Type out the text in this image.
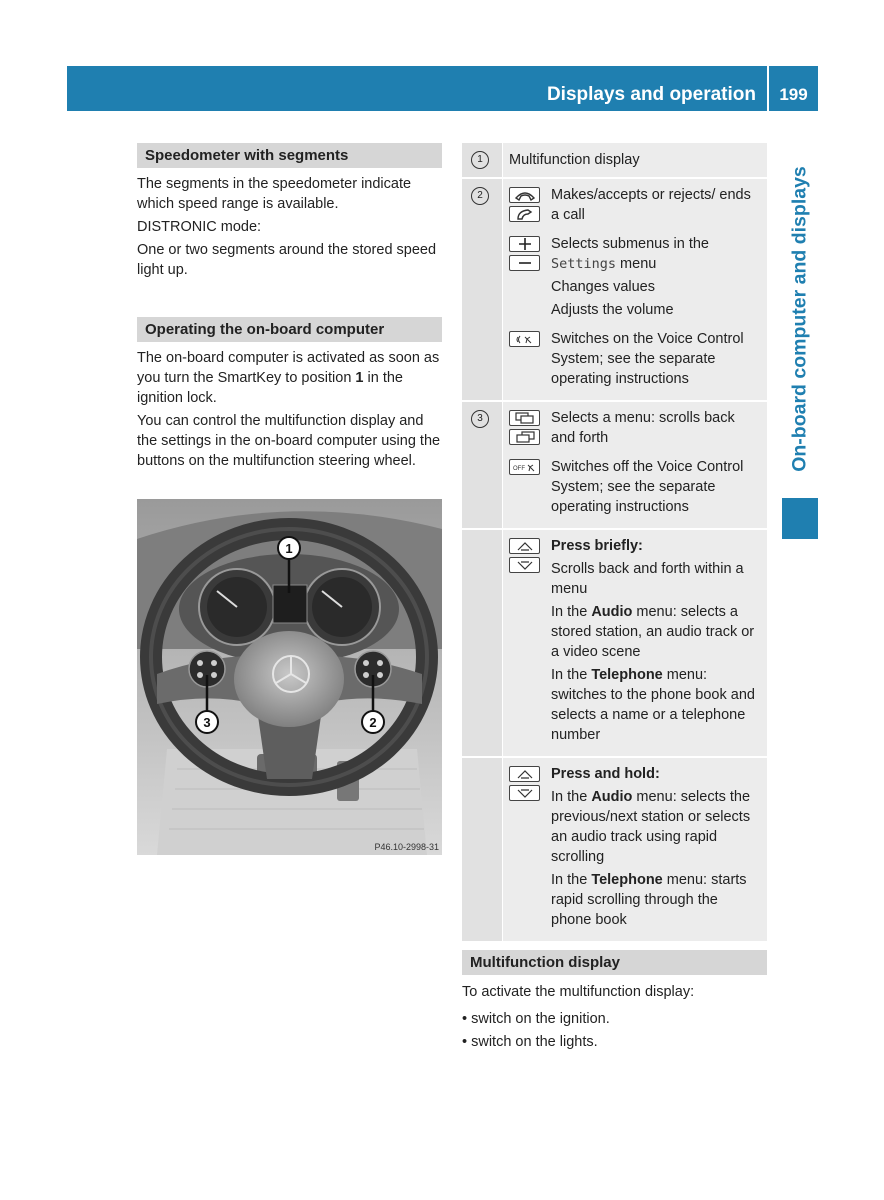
Displays and operation	199
On-board computer and displays
Speedometer with segments

The segments in the speedometer indicate which speed range is available.

DISTRONIC mode:

One or two segments around the stored speed light up.

Operating the on-board computer

The on-board computer is activated as soon as you turn the SmartKey to position 1 in the ignition lock.

You can control the multifunction display and the settings in the on-board computer using the buttons on the multifunction steering wheel.

1
3	2
P46.10-2998-31
1	Multifunction display
2	Makes/accepts or rejects/ ends a call

Selects submenus in the Settings menu

Changes values

Adjusts the volume

Switches on the Voice Control System; see the separate operating instructions

3	Selects a menu: scrolls back and forth

OFF Switches off the Voice Control System; see the separate operating instructions

Press briefly:

Scrolls back and forth within a menu

In the Audio menu: selects a stored station, an audio track or a video scene

In the Telephone menu: switches to the phone book and selects a name or a telephone number

Press and hold:

In the Audio menu: selects the previous/next station or selects an audio track using rapid scrolling

In the Telephone menu: starts rapid scrolling through the phone book

Multifunction display
To activate the multifunction display:
• switch on the ignition.
• switch on the lights.
